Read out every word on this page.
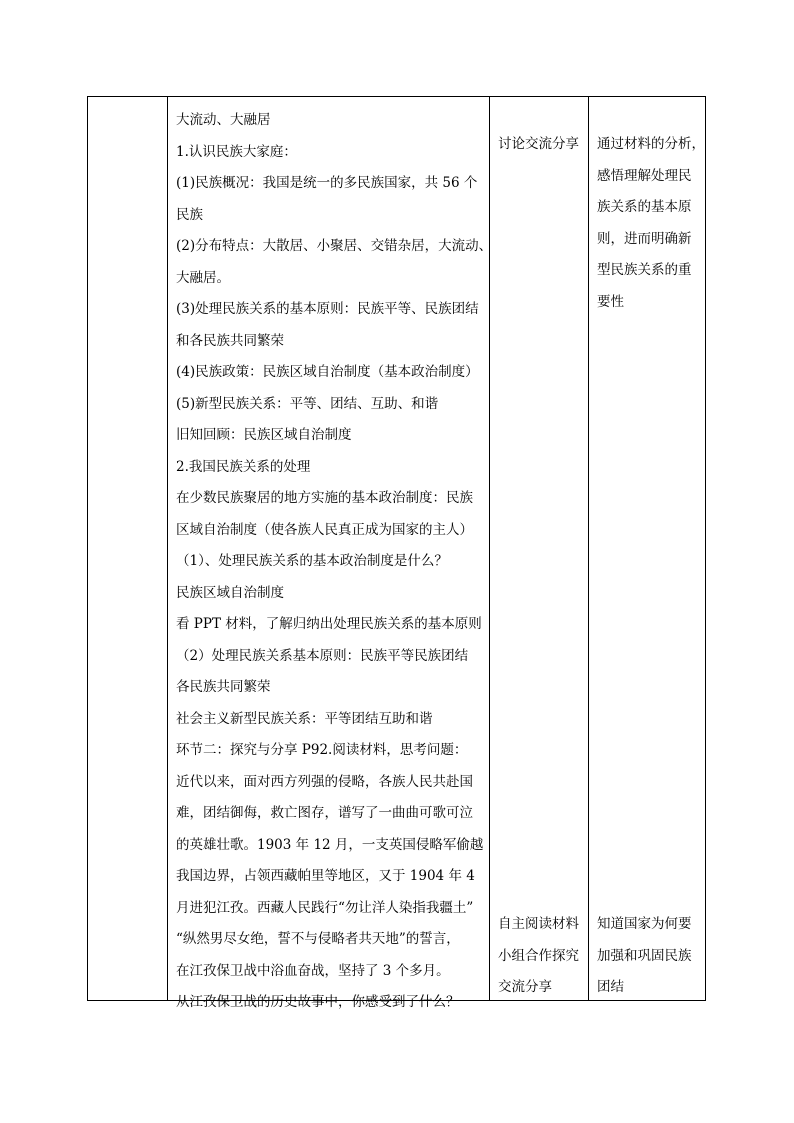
大流动、大融居
1.认识民族大家庭：
(1)民族概况：我国是统一的多民族国家，共 56 个
民族
(2)分布特点：大散居、小聚居、交错杂居，大流动、
大融居。
(3)处理民族关系的基本原则：民族平等、民族团结
和各民族共同繁荣
(4)民族政策：民族区域自治制度（基本政治制度）
(5)新型民族关系：平等、团结、互助、和谐
旧知回顾：民族区域自治制度
2.我国民族关系的处理
在少数民族聚居的地方实施的基本政治制度：民族
区域自治制度（使各族人民真正成为国家的主人）
（1）、处理民族关系的基本政治制度是什么？
民族区域自治制度
看 PPT 材料，了解归纳出处理民族关系的基本原则
（2）处理民族关系基本原则：民族平等民族团结
各民族共同繁荣
社会主义新型民族关系：平等团结互助和谐
环节二：探究与分享 P92.阅读材料，思考问题：
近代以来，面对西方列强的侵略，各族人民共赴国
难，团结御侮，救亡图存，谱写了一曲曲可歌可泣
的英雄壮歌。1903 年 12 月，一支英国侵略军偷越
我国边界，占领西藏帕里等地区，又于 1904 年 4
月进犯江孜。西藏人民践行“勿让洋人染指我疆土”
“纵然男尽女绝，誓不与侵略者共天地”的誓言，
在江孜保卫战中浴血奋战，坚持了 3 个多月。
从江孜保卫战的历史故事中，你感受到了什么？
讨论交流分享	通过材料的分析，
感悟理解处理民
族关系的基本原
则，进而明确新
型民族关系的重
要性
自主阅读材料
小组合作探究
交流分享
知道国家为何要
加强和巩固民族
团结
